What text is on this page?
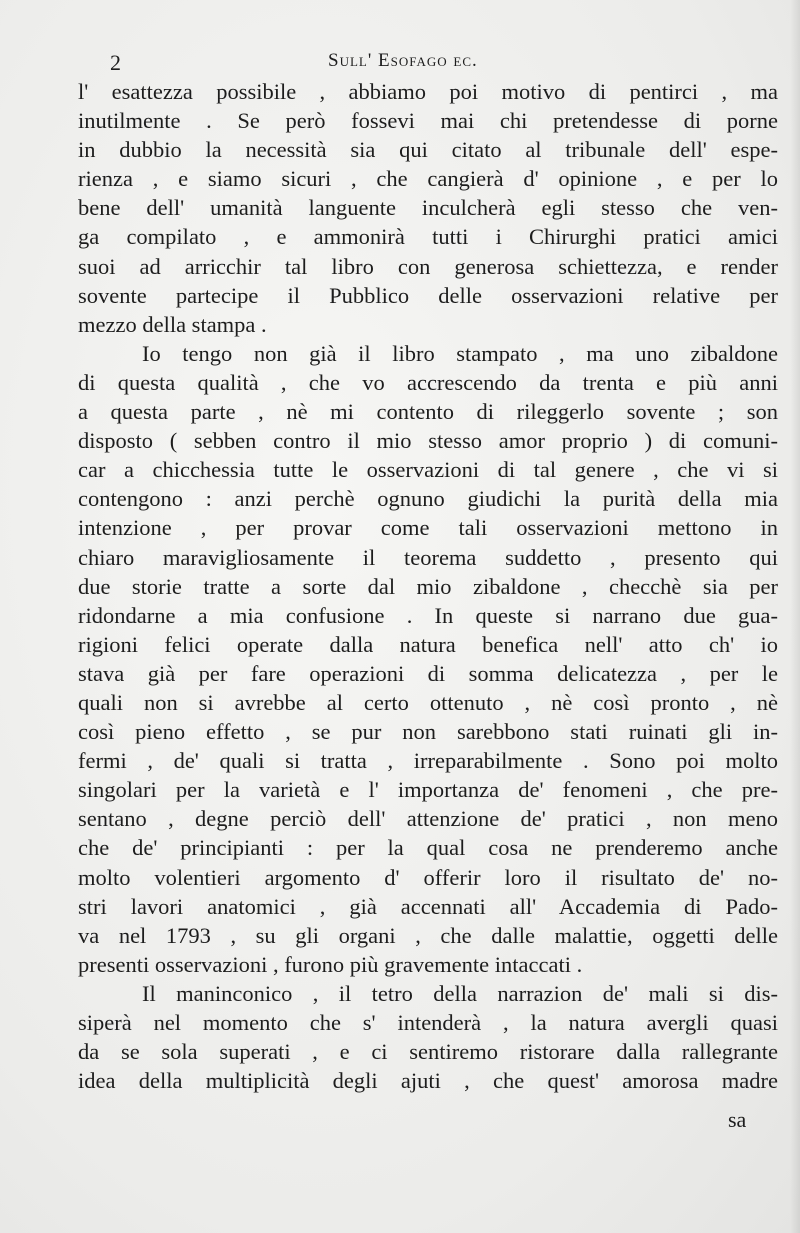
2	Sull' Esofago ec.
l' esattezza possibile , abbiamo poi motivo di pentirci , ma
inutilmente . Se però fossevi mai chi pretendesse di porne
in dubbio la necessità sia qui citato al tribunale dell' espe-
rienza , e siamo sicuri , che cangierà d' opinione , e per lo
bene dell' umanità languente inculcherà egli stesso che ven-
ga compilato , e ammonirà tutti i Chirurghi pratici amici
suoi ad arricchir tal libro con generosa schiettezza, e render
sovente partecipe il Pubblico delle osservazioni relative per
mezzo della stampa .
Io tengo non già il libro stampato , ma uno zibaldone
di questa qualità , che vo accrescendo da trenta e più anni
a questa parte , nè mi contento di rileggerlo sovente ; son
disposto ( sebben contro il mio stesso amor proprio ) di comuni-
car a chicchessia tutte le osservazioni di tal genere , che vi si
contengono : anzi perchè ognuno giudichi la purità della mia
intenzione , per provar come tali osservazioni mettono in
chiaro maravigliosamente il teorema suddetto , presento qui
due storie tratte a sorte dal mio zibaldone , checchè sia per
ridondarne a mia confusione . In queste si narrano due gua-
rigioni felici operate dalla natura benefica nell' atto ch' io
stava già per fare operazioni di somma delicatezza , per le
quali non si avrebbe al certo ottenuto , nè così pronto , nè
così pieno effetto , se pur non sarebbono stati ruinati gli in-
fermi , de' quali si tratta , irreparabilmente . Sono poi molto
singolari per la varietà e l' importanza de' fenomeni , che pre-
sentano , degne perciò dell' attenzione de' pratici , non meno
che de' principianti : per la qual cosa ne prenderemo anche
molto volentieri argomento d' offerir loro il risultato de' no-
stri lavori anatomici , già accennati all' Accademia di Pado-
va nel 1793 , su gli organi , che dalle malattie, oggetti delle
presenti osservazioni , furono più gravemente intaccati .
Il maninconico , il tetro della narrazion de' mali si dis-
siperà nel momento che s' intenderà , la natura avergli quasi
da se sola superati , e ci sentiremo ristorare dalla rallegrante
idea della multiplicità degli ajuti , che quest' amorosa madre
sa
